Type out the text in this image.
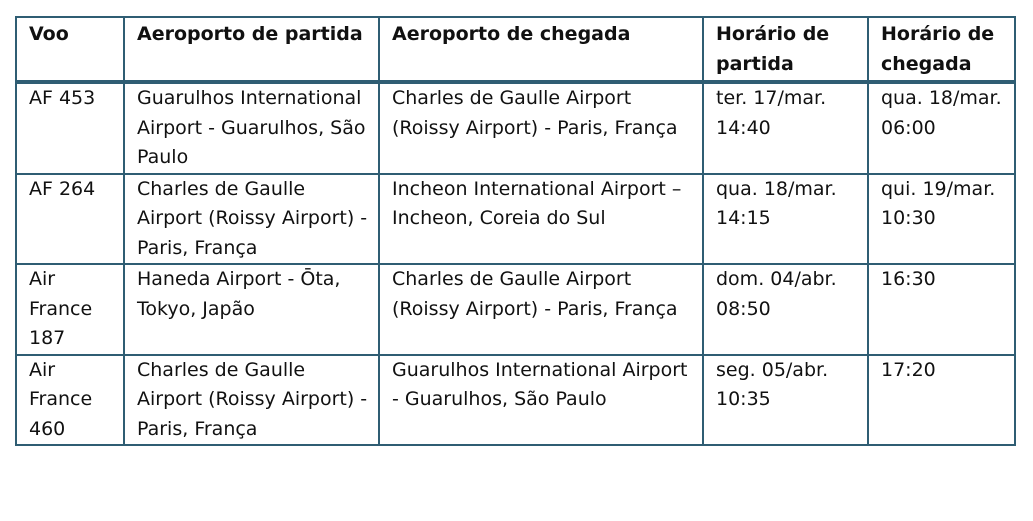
Voo	Aeroporto de partida	Aeroporto de chegada	Horário de partida	Horário de chegada
AF 453	Guarulhos International Airport - Guarulhos, São Paulo	Charles de Gaulle Airport (Roissy Airport) - Paris, França	ter. 17/mar. 14:40	qua. 18/mar. 06:00
AF 264	Charles de Gaulle Airport (Roissy Airport) - Paris, França	Incheon International Airport – Incheon, Coreia do Sul	qua. 18/mar. 14:15	qui. 19/mar. 10:30
Air France 187	Haneda Airport - Ōta, Tokyo, Japão	Charles de Gaulle Airport (Roissy Airport) - Paris, França	dom. 04/abr. 08:50	16:30
Air France 460	Charles de Gaulle Airport (Roissy Airport) - Paris, França	Guarulhos International Airport - Guarulhos, São Paulo	seg. 05/abr. 10:35	17:20
